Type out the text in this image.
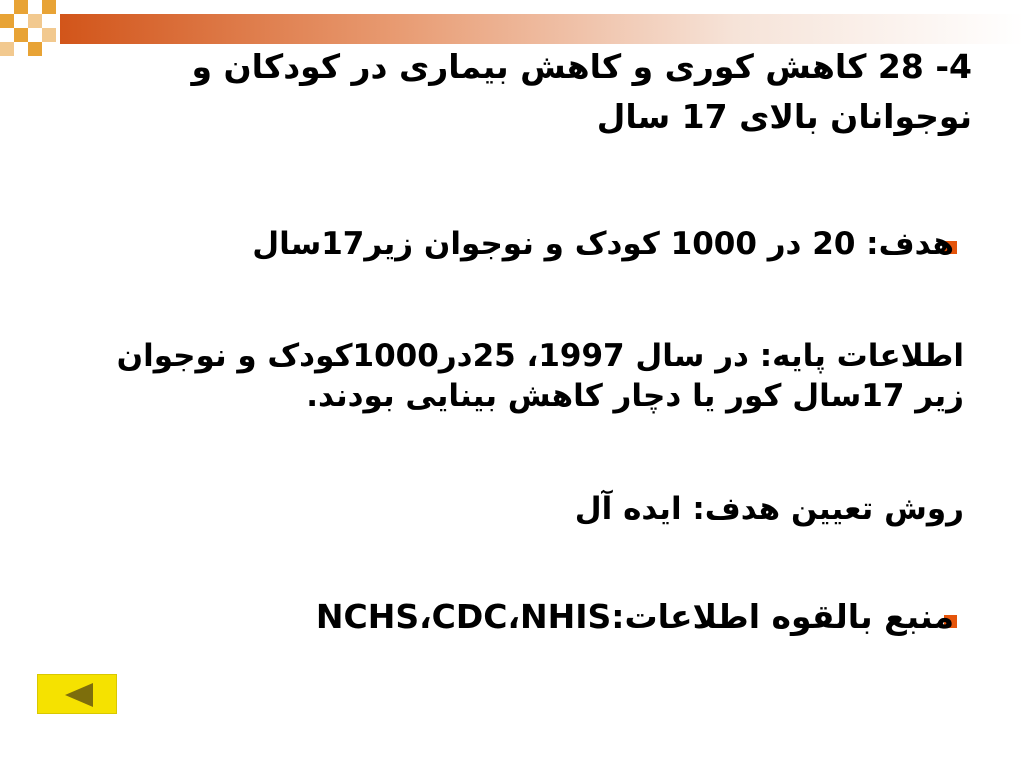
4- 28 کاهش کوری و کاهش بیماری در کودکان و نوجوانان بالای 17 سال

هدف: 20 در 1000 کودک و نوجوان زیر17سال

اطلاعات پایه: در سال 1997، 25در1000کودک و نوجوان زیر 17سال کور یا دچار کاهش بینایی بودند.

روش تعیین هدف: ایده آل

منبع بالقوه اطلاعات:NCHS،CDC،NHIS
